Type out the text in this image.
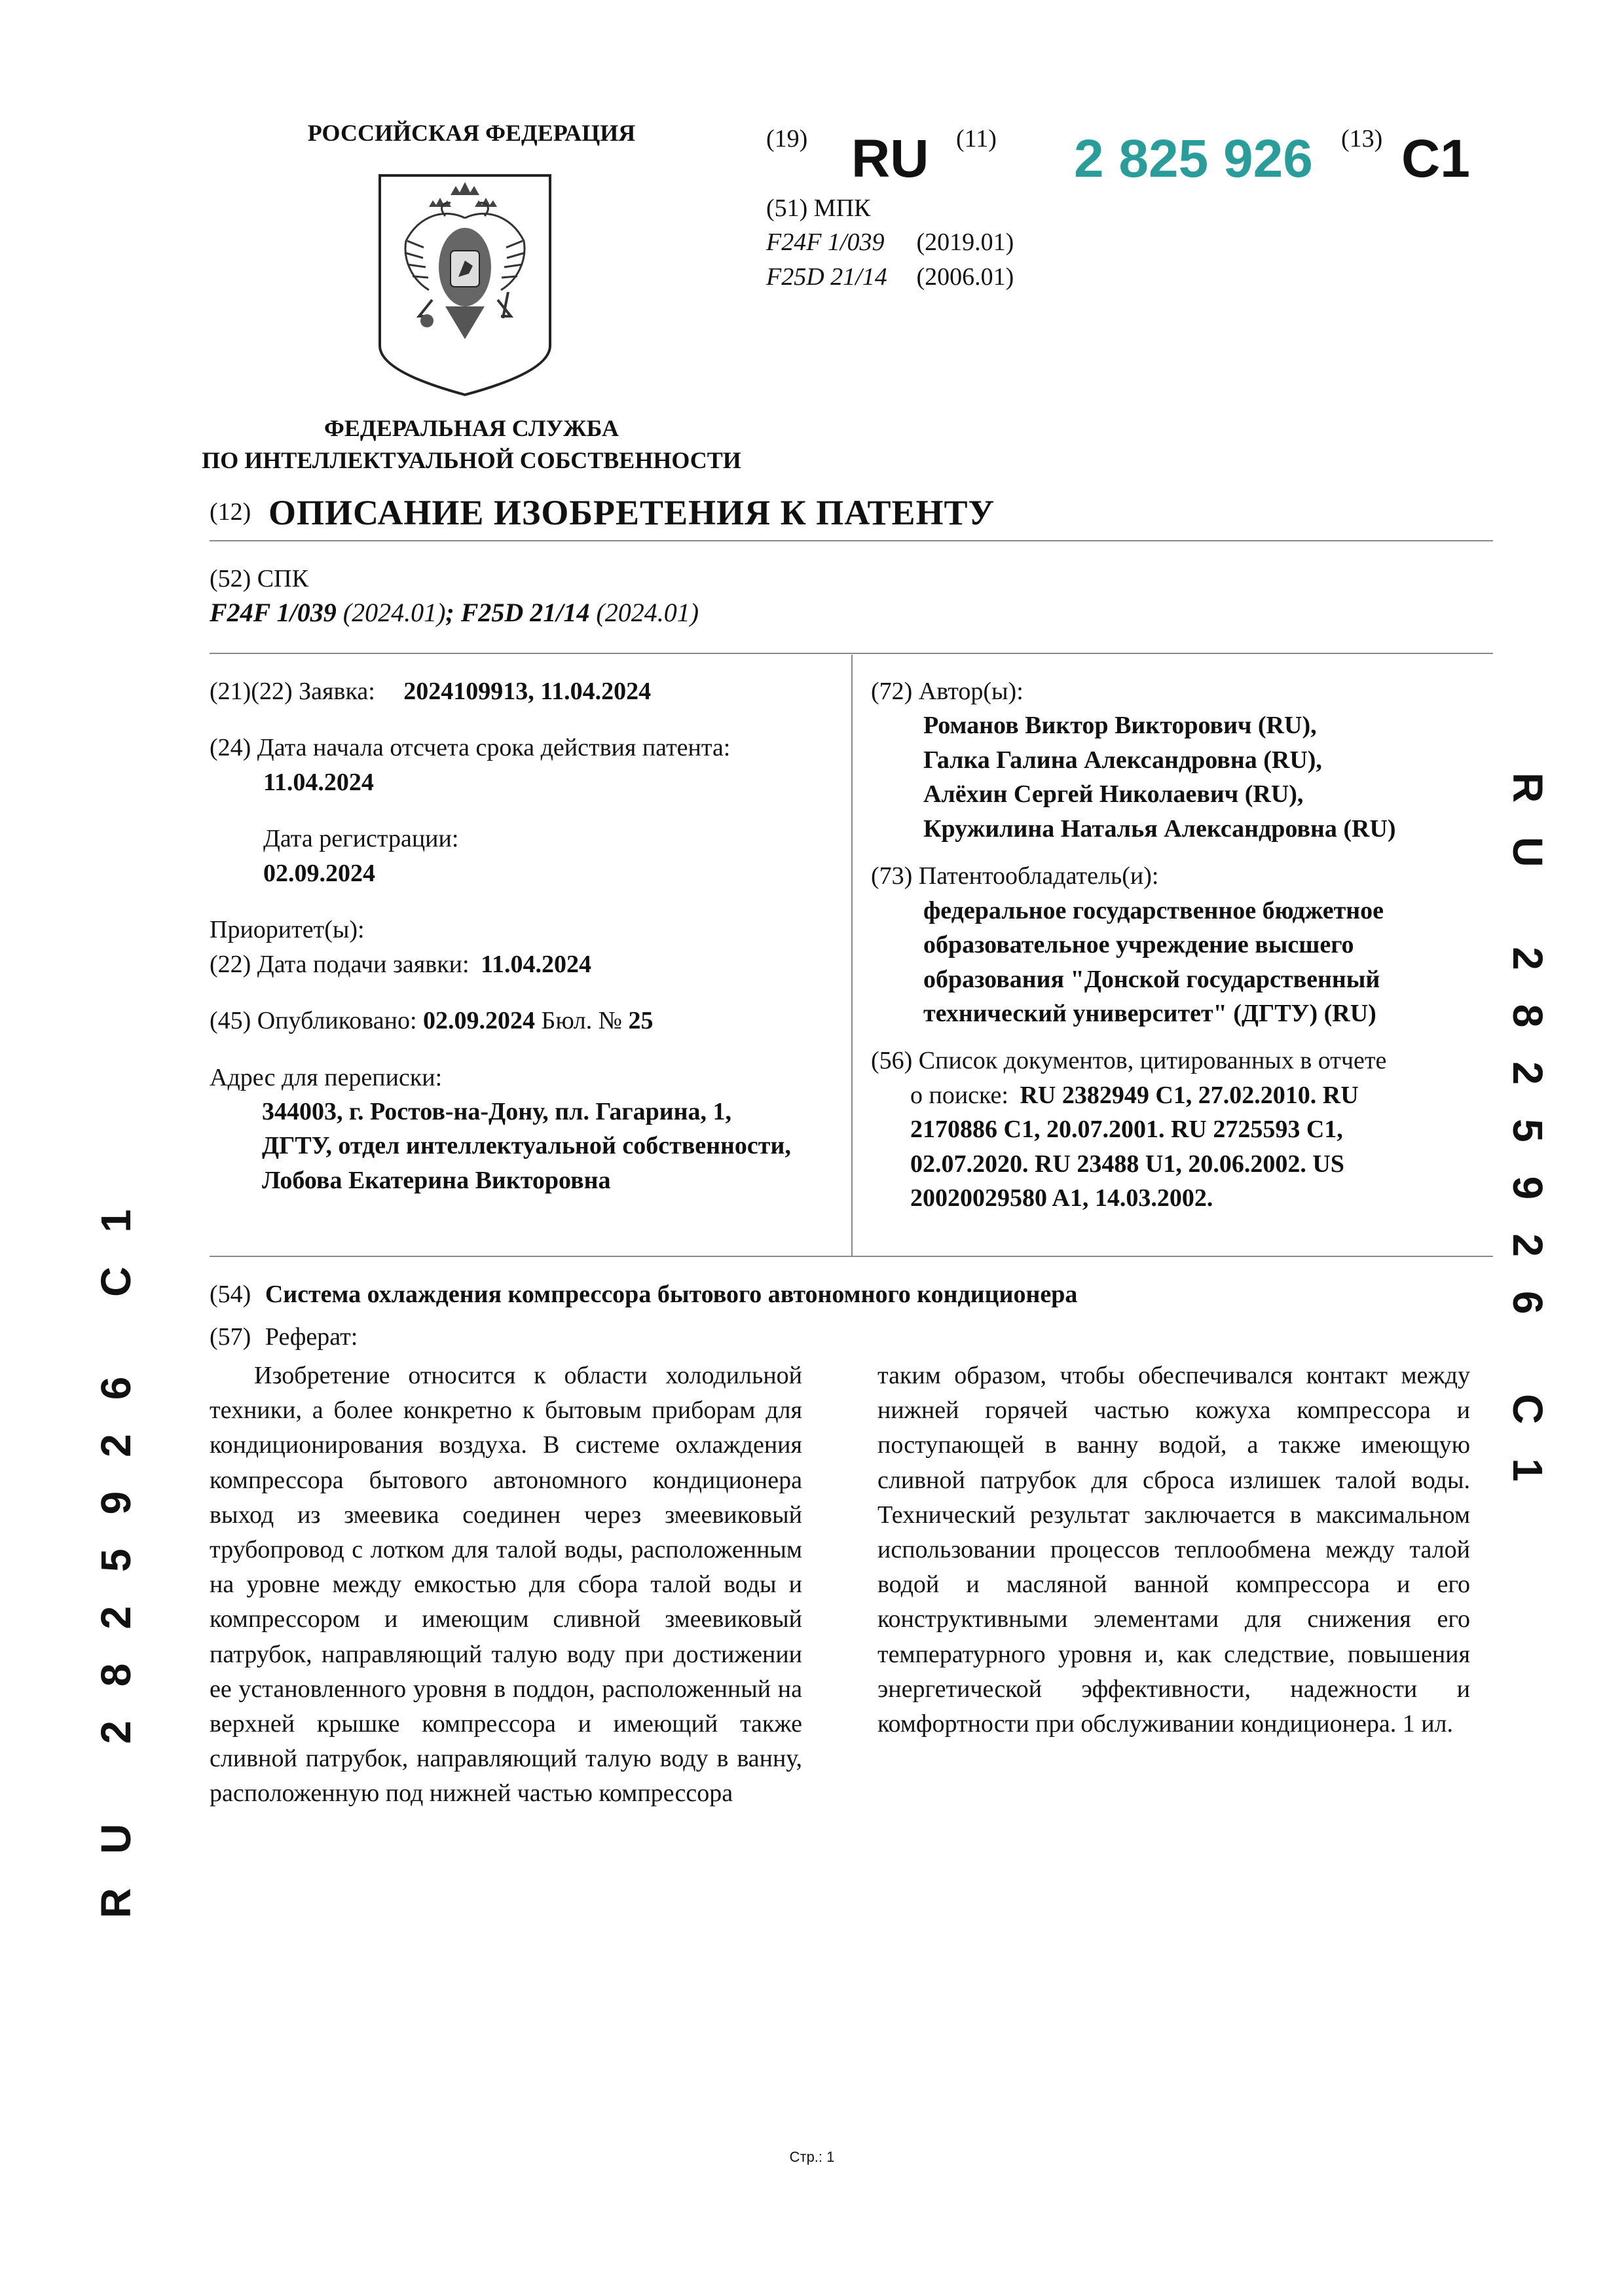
РОССИЙСКАЯ ФЕДЕРАЦИЯ
ФЕДЕРАЛЬНАЯ СЛУЖБА
ПО ИНТЕЛЛЕКТУАЛЬНОЙ СОБСТВЕННОСТИ
(19) RU (11) 2 825 926 (13) C1
(51) МПК
F24F 1/039 (2019.01)
F25D 21/14 (2006.01)
(12) ОПИСАНИЕ ИЗОБРЕТЕНИЯ К ПАТЕНТУ
(52) СПК
F24F 1/039 (2024.01); F25D 21/14 (2024.01)
(21)(22) Заявка: 2024109913, 11.04.2024
(24) Дата начала отсчета срока действия патента:
11.04.2024
Дата регистрации:
02.09.2024
Приоритет(ы):
(22) Дата подачи заявки: 11.04.2024
(45) Опубликовано: 02.09.2024 Бюл. № 25
Адрес для переписки:
344003, г. Ростов-на-Дону, пл. Гагарина, 1,
ДГТУ, отдел интеллектуальной собственности,
Лобова Екатерина Викторовна
(72) Автор(ы):
Романов Виктор Викторович (RU),
Галка Галина Александровна (RU),
Алёхин Сергей Николаевич (RU),
Кружилина Наталья Александровна (RU)
(73) Патентообладатель(и):
федеральное государственное бюджетное
образовательное учреждение высшего
образования "Донской государственный
технический университет" (ДГТУ) (RU)
(56) Список документов, цитированных в отчете
о поиске: RU 2382949 C1, 27.02.2010. RU
2170886 C1, 20.07.2001. RU 2725593 C1,
02.07.2020. RU 23488 U1, 20.06.2002. US
20020029580 A1, 14.03.2002.
(54) Система охлаждения компрессора бытового автономного кондиционера
(57) Реферат:
Изобретение относится к области холодильной техники, а более конкретно к бытовым приборам для кондиционирования воздуха. В системе охлаждения компрессора бытового автономного кондиционера выход из змеевика соединен через змеевиковый трубопровод с лотком для талой воды, расположенным на уровне между емкостью для сбора талой воды и компрессором и имеющим сливной змеевиковый патрубок, направляющий талую воду при достижении ее установленного уровня в поддон, расположенный на верхней крышке компрессора и имеющий также сливной патрубок, направляющий талую воду в ванну, расположенную под нижней частью компрессора
таким образом, чтобы обеспечивался контакт между нижней горячей частью кожуха компрессора и поступающей в ванну водой, а также имеющую сливной патрубок для сброса излишек талой воды. Технический результат заключается в максимальном использовании процессов теплообмена между талой водой и масляной ванной компрессора и его конструктивными элементами для снижения его температурного уровня и, как следствие, повышения энергетической эффективности, надежности и комфортности при обслуживании кондиционера. 1 ил.
RU 2825926 C1
RU 2825926 C1
Стр.: 1
